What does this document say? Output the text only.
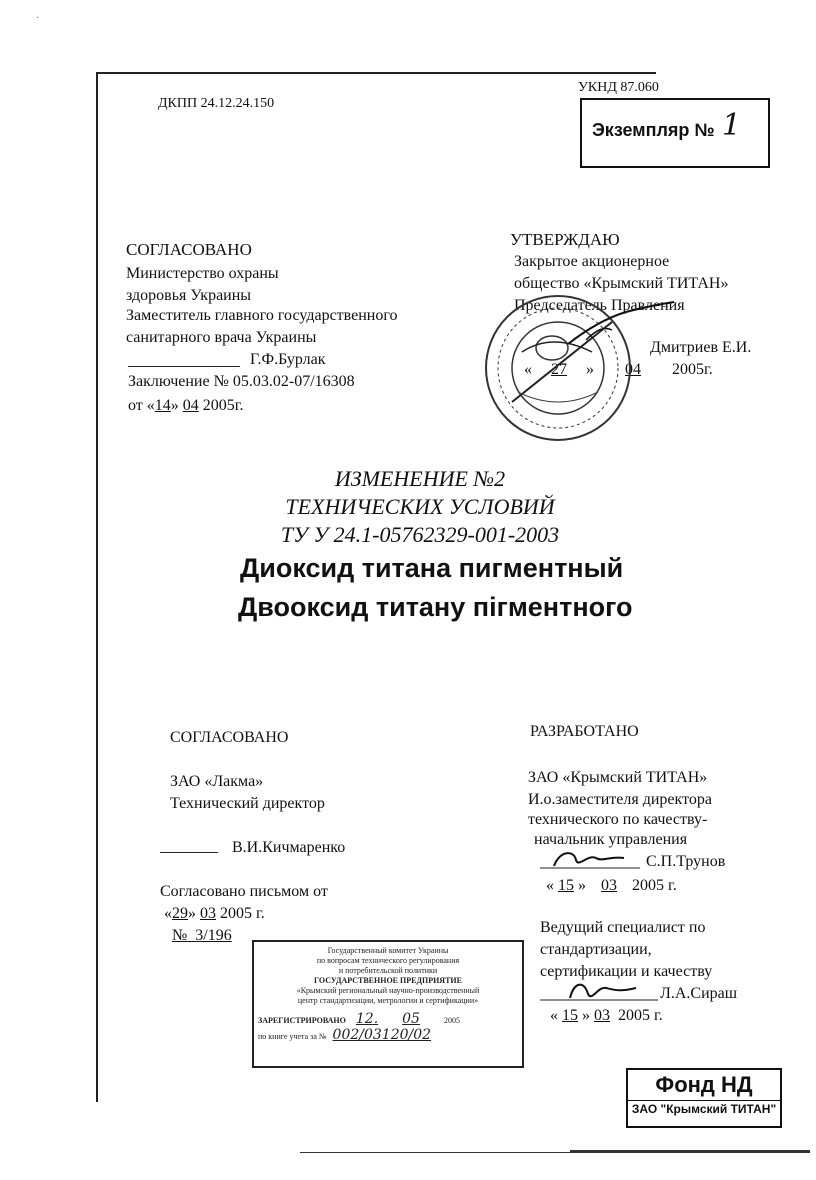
.
ДКПП 24.12.24.150
УКНД 87.060
Экземпляр № 1
СОГЛАСОВАНО
Министерство охраны
здоровья Украины
Заместитель главного государственного
санитарного врача Украины
Г.Ф.Бурлак
Заключение № 05.03.02-07/16308
от «14» 04 2005г.
УТВЕРЖДАЮ
Закрытое акционерное
общество «Крымский ТИТАН»
Председатель Правления
Дмитриев Е.И.
« 27 » 04 2005г.
ИЗМЕНЕНИЕ №2
ТЕХНИЧЕСКИХ УСЛОВИЙ
ТУ У 24.1-05762329-001-2003
Диоксид титана пигментный
Двооксид титану пігментного
СОГЛАСОВАНО
ЗАО «Лакма»
Технический директор
В.И.Кичмаренко
Согласовано письмом от
«29» 03 2005 г.
№ 3/196
РАЗРАБОТАНО
ЗАО «Крымский ТИТАН»
И.о.заместителя директора
технического по качеству-
начальник управления
С.П.Трунов
« 15 » 03 2005 г.
Ведущий специалист по
стандартизации,
сертификации и качеству
Л.А.Сираш
« 15 » 03 2005 г.
Государственный комитет Украины
по вопросам технического регулирования
и потребительской политики
ГОСУДАРСТВЕННОЕ ПРЕДПРИЯТИЕ
«Крымский региональный научно-производственный
центр стандартизации, метрологии и сертификации»
ЗАРЕГИСТРИРОВАНО 12. 05	2005
по книге учета за № 002/03120/02
Фонд НД
ЗАО "Крымский ТИТАН"
